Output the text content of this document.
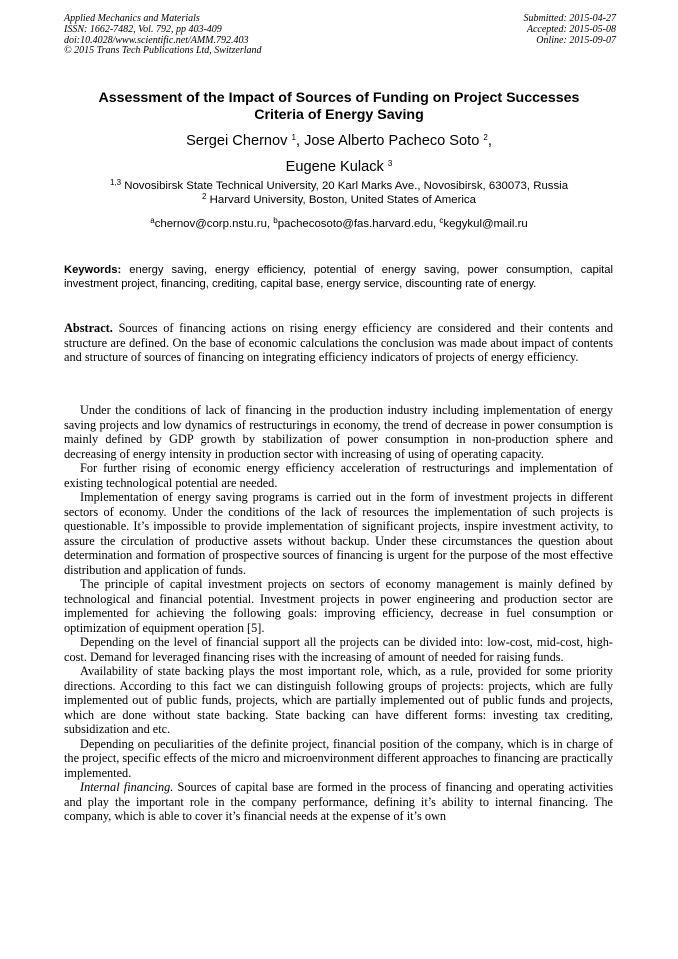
Applied Mechanics and Materials
ISSN: 1662-7482, Vol. 792, pp 403-409
doi:10.4028/www.scientific.net/AMM.792.403
© 2015 Trans Tech Publications Ltd, Switzerland
Submitted: 2015-04-27
Accepted: 2015-05-08
Online: 2015-09-07
Assessment of the Impact of Sources of Funding on Project Successes
Criteria of Energy Saving
Sergei Chernov $^1$, Jose Alberto Pacheco Soto $^2$,
Eugene Kulack $^3$
$^{1,3}$ Novosibirsk State Technical University, 20 Karl Marks Ave., Novosibirsk, 630073, Russia
$^2$ Harvard University, Boston, United States of America
$^a$chernov@corp.nstu.ru, $^b$pachecosoto@fas.harvard.edu, $^c$kegykul@mail.ru
Keywords: energy saving, energy efficiency, potential of energy saving, power consumption, capital investment project, financing, crediting, capital base, energy service, discounting rate of energy.
Abstract. Sources of financing actions on rising energy efficiency are considered and their contents and structure are defined. On the base of economic calculations the conclusion was made about impact of contents and structure of sources of financing on integrating efficiency indicators of projects of energy efficiency.

Under the conditions of lack of financing in the production industry including implementation of energy saving projects and low dynamics of restructurings in economy, the trend of decrease in power consumption is mainly defined by GDP growth by stabilization of power consumption in non-production sphere and decreasing of energy intensity in production sector with increasing of using of operating capacity.

For further rising of economic energy efficiency acceleration of restructurings and implementation of existing technological potential are needed.

Implementation of energy saving programs is carried out in the form of investment projects in different sectors of economy. Under the conditions of the lack of resources the implementation of such projects is questionable. It’s impossible to provide implementation of significant projects, inspire investment activity, to assure the circulation of productive assets without backup. Under these circumstances the question about determination and formation of prospective sources of financing is urgent for the purpose of the most effective distribution and application of funds.

The principle of capital investment projects on sectors of economy management is mainly defined by technological and financial potential. Investment projects in power engineering and production sector are implemented for achieving the following goals: improving efficiency, decrease in fuel consumption or optimization of equipment operation [5].

Depending on the level of financial support all the projects can be divided into: low-cost, mid-cost, high-cost. Demand for leveraged financing rises with the increasing of amount of needed for raising funds.

Availability of state backing plays the most important role, which, as a rule, provided for some priority directions. According to this fact we can distinguish following groups of projects: projects, which are fully implemented out of public funds, projects, which are partially implemented out of public funds and projects, which are done without state backing. State backing can have different forms: investing tax crediting, subsidization and etc.

Depending on peculiarities of the definite project, financial position of the company, which is in charge of the project, specific effects of the micro and microenvironment different approaches to financing are practically implemented.

Internal financing. Sources of capital base are formed in the process of financing and operating activities and play the important role in the company performance, defining it’s ability to internal financing. The company, which is able to cover it’s financial needs at the expense of it’s own
